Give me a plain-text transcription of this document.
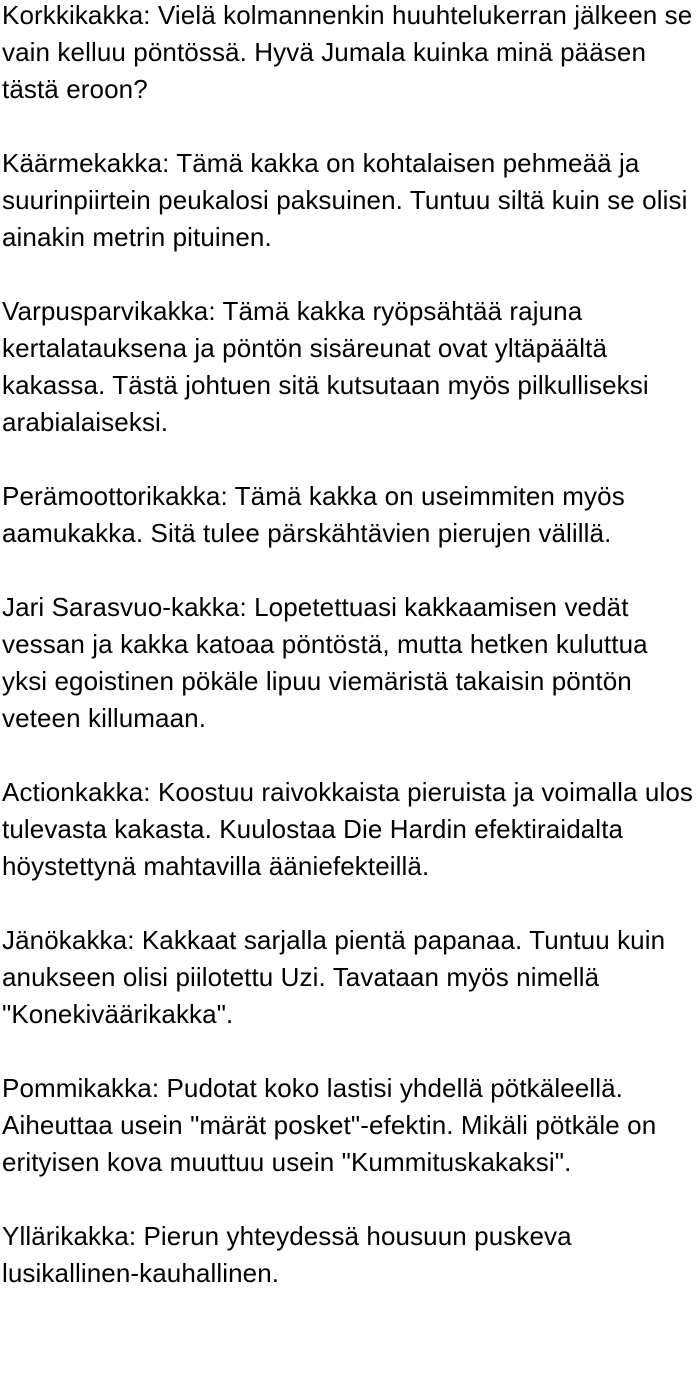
Korkkikakka: Vielä kolmannenkin huuhtelukerran jälkeen se vain kelluu pöntössä. Hyvä Jumala kuinka minä pääsen tästä eroon?

Käärmekakka: Tämä kakka on kohtalaisen pehmeää ja suurinpiirtein peukalosi paksuinen. Tuntuu siltä kuin se olisi ainakin metrin pituinen.

Varpusparvikakka: Tämä kakka ryöpsähtää rajuna kertalatauksena ja pöntön sisäreunat ovat yltäpäältä kakassa. Tästä johtuen sitä kutsutaan myös pilkulliseksi arabialaiseksi.

Perämoottorikakka: Tämä kakka on useimmiten myös aamukakka. Sitä tulee pärskähtävien pierujen välillä.

Jari Sarasvuo-kakka: Lopetettuasi kakkaamisen vedät vessan ja kakka katoaa pöntöstä, mutta hetken kuluttua yksi egoistinen pökäle lipuu viemäristä takaisin pöntön veteen killumaan.

Actionkakka: Koostuu raivokkaista pieruista ja voimalla ulos tulevasta kakasta. Kuulostaa Die Hardin efektiraidalta höystettynä mahtavilla ääniefekteillä.

Jänökakka: Kakkaat sarjalla pientä papanaa. Tuntuu kuin anukseen olisi piilotettu Uzi. Tavataan myös nimellä "Konekiväärikakka".

Pommikakka: Pudotat koko lastisi yhdellä pötkäleellä. Aiheuttaa usein "märät posket"-efektin. Mikäli pötkäle on erityisen kova muuttuu usein "Kummituskakaksi".

Yllärikakka: Pierun yhteydessä housuun puskeva lusikallinen-kauhallinen.
